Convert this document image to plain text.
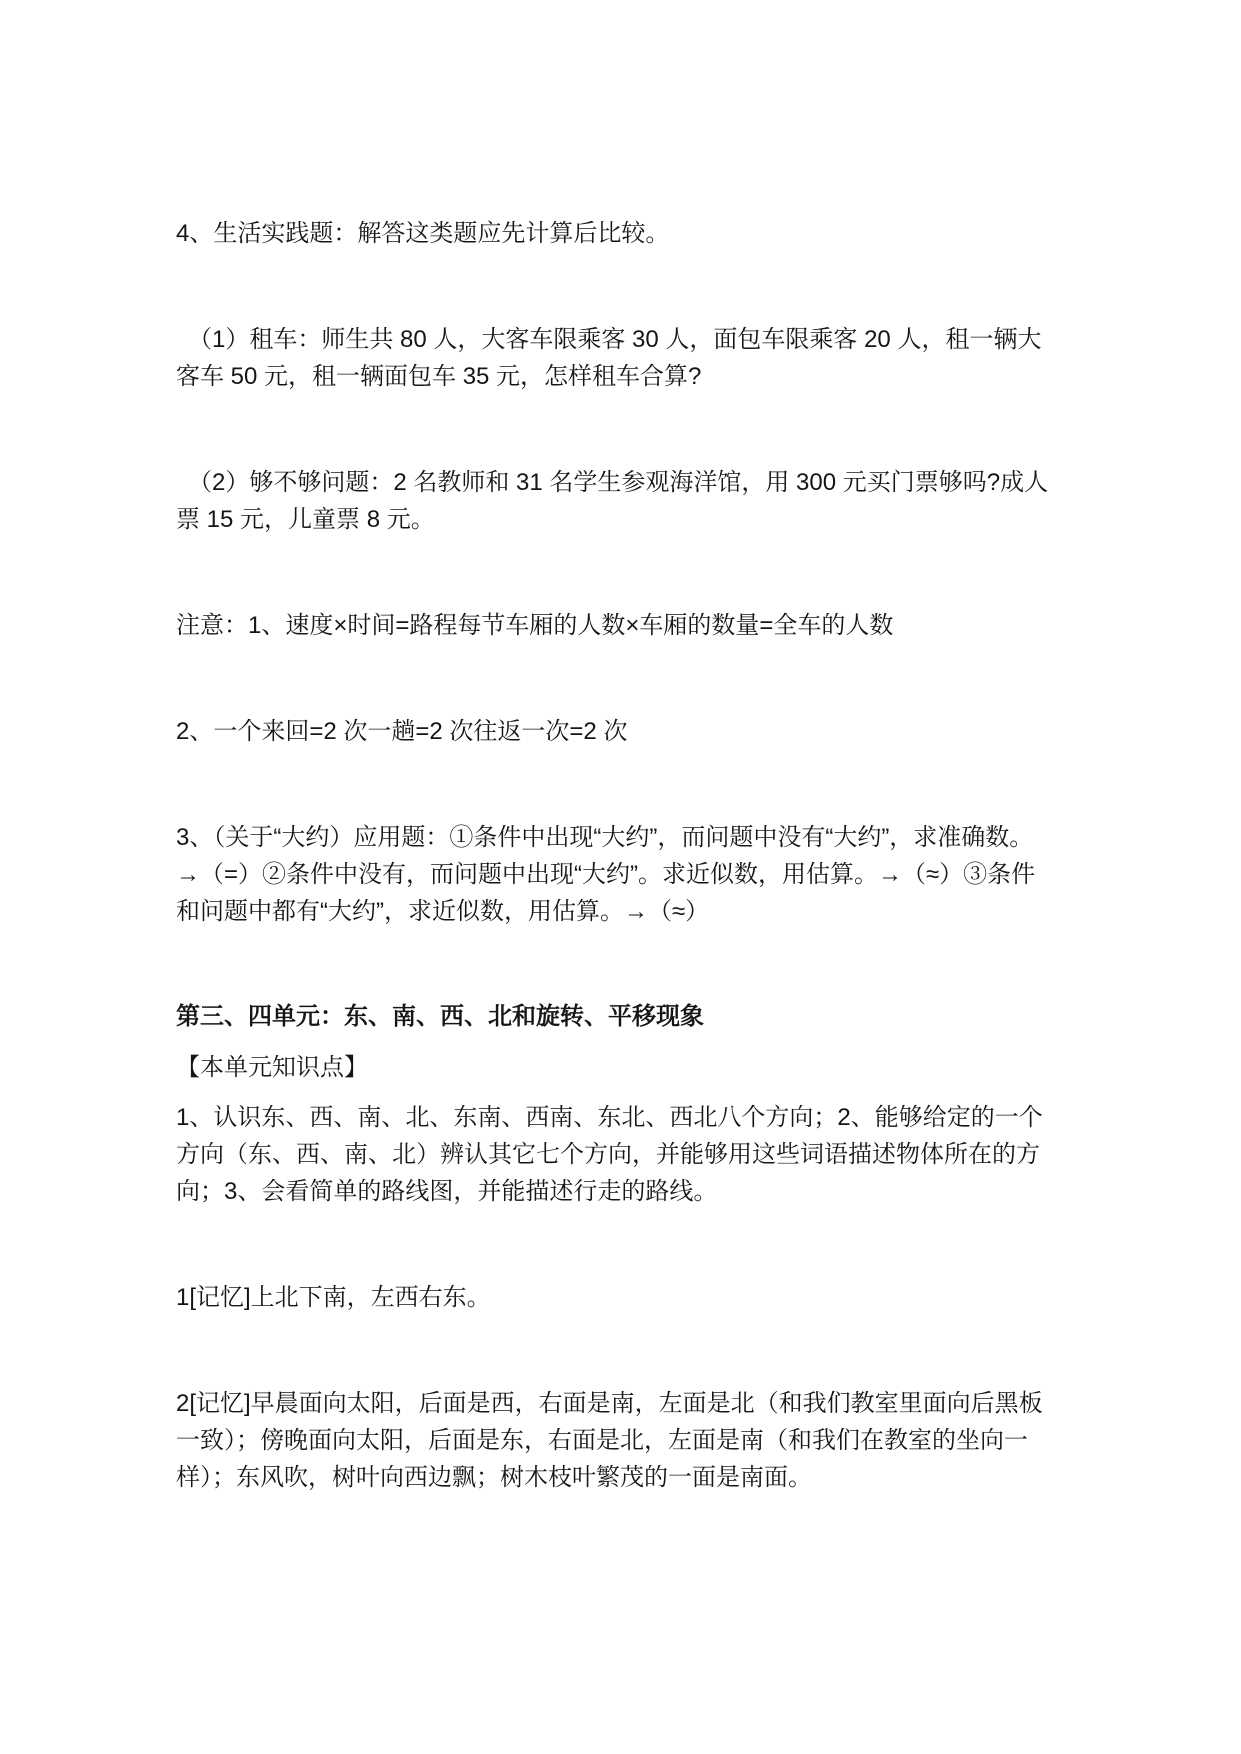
4、生活实践题：解答这类题应先计算后比较。

（1）租车：师生共 80 人，大客车限乘客 30 人，面包车限乘客 20 人，租一辆大客车 50 元，租一辆面包车 35 元，怎样租车合算?

（2）够不够问题：2 名教师和 31 名学生参观海洋馆，用 300 元买门票够吗?成人票 15 元，儿童票 8 元。

注意：1、速度×时间=路程每节车厢的人数×车厢的数量=全车的人数

2、一个来回=2 次一趟=2 次往返一次=2 次

3、（关于“大约）应用题：①条件中出现“大约”，而问题中没有“大约”，求准确数。→（=）②条件中没有，而问题中出现“大约”。求近似数，用估算。→（≈）③条件和问题中都有“大约”，求近似数，用估算。→（≈）

第三、四单元：东、南、西、北和旋转、平移现象
【本单元知识点】

1、认识东、西、南、北、东南、西南、东北、西北八个方向；2、能够给定的一个方向（东、西、南、北）辨认其它七个方向，并能够用这些词语描述物体所在的方向；3、会看简单的路线图，并能描述行走的路线。

1[记忆]上北下南，左西右东。

2[记忆]早晨面向太阳，后面是西，右面是南，左面是北（和我们教室里面向后黑板一致）；傍晚面向太阳，后面是东，右面是北，左面是南（和我们在教室的坐向一样）；东风吹，树叶向西边飘；树木枝叶繁茂的一面是南面。
